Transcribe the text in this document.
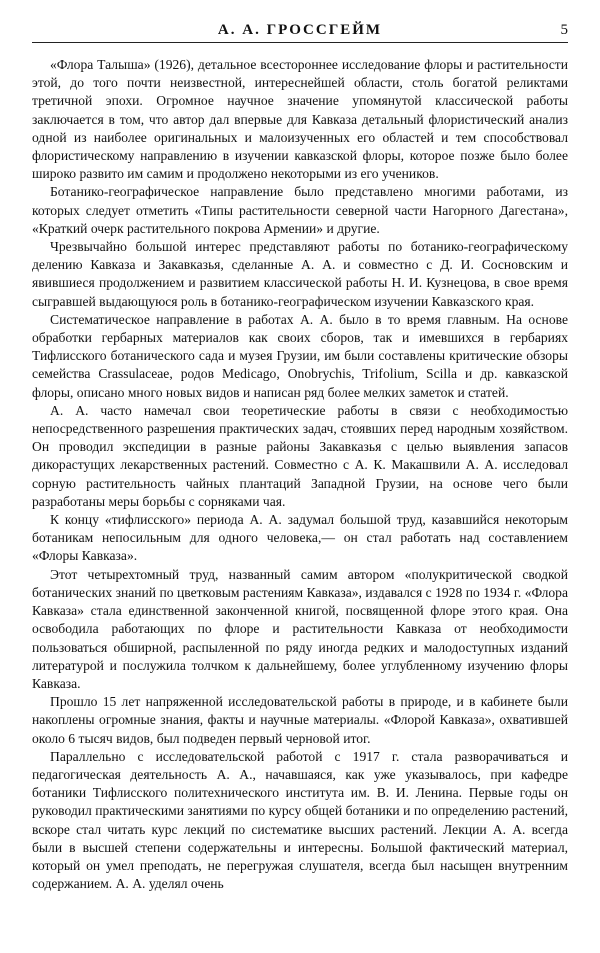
А. А. ГРОССГЕЙМ	5

«Флора Талыша» (1926), детальное всестороннее исследование флоры и растительности этой, до того почти неизвестной, интереснейшей области, столь богатой реликтами третичной эпохи. Огромное научное значение упомянутой классической работы заключается в том, что автор дал впервые для Кавказа детальный флористический анализ одной из наиболее оригинальных и малоизученных его областей и тем способствовал флористическому направлению в изучении кавказской флоры, которое позже было более широко развито им самим и продолжено некоторыми из его учеников.

Ботанико-географическое направление было представлено многими работами, из которых следует отметить «Типы растительности северной части Нагорного Дагестана», «Краткий очерк растительного покрова Армении» и другие.

Чрезвычайно большой интерес представляют работы по ботанико-географическому делению Кавказа и Закавказья, сделанные А. А. и совместно с Д. И. Сосновским и явившиеся продолжением и развитием классической работы Н. И. Кузнецова, в свое время сыгравшей выдающуюся роль в ботанико-географическом изучении Кавказского края.

Систематическое направление в работах А. А. было в то время главным. На основе обработки гербарных материалов как своих сборов, так и имевшихся в гербариях Тифлисского ботанического сада и музея Грузии, им были составлены критические обзоры семейства Crassulaceae, родов Medicago, Onobrychis, Trifolium, Scilla и др. кавказской флоры, описано много новых видов и написан ряд более мелких заметок и статей.

А. А. часто намечал свои теоретические работы в связи с необходимостью непосредственного разрешения практических задач, стоявших перед народным хозяйством. Он проводил экспедиции в разные районы Закавказья с целью выявления запасов дикорастущих лекарственных растений. Совместно с А. К. Макашвили А. А. исследовал сорную растительность чайных плантаций Западной Грузии, на основе чего были разработаны меры борьбы с сорняками чая.

К концу «тифлисского» периода А. А. задумал большой труд, казавшийся некоторым ботаникам непосильным для одного человека,— он стал работать над составлением «Флоры Кавказа».

Этот четырехтомный труд, названный самим автором «полукритической сводкой ботанических знаний по цветковым растениям Кавказа», издавался с 1928 по 1934 г. «Флора Кавказа» стала единственной законченной книгой, посвященной флоре этого края. Она освободила работающих по флоре и растительности Кавказа от необходимости пользоваться обширной, распыленной по ряду иногда редких и малодоступных изданий литературой и послужила толчком к дальнейшему, более углубленному изучению флоры Кавказа.

Прошло 15 лет напряженной исследовательской работы в природе, и в кабинете были накоплены огромные знания, факты и научные материалы. «Флорой Кавказа», охватившей около 6 тысяч видов, был подведен первый черновой итог.

Параллельно с исследовательской работой с 1917 г. стала разворачиваться и педагогическая деятельность А. А., начавшаяся, как уже указывалось, при кафедре ботаники Тифлисского политехнического института им. В. И. Ленина. Первые годы он руководил практическими занятиями по курсу общей ботаники и по определению растений, вскоре стал читать курс лекций по систематике высших растений. Лекции А. А. всегда были в высшей степени содержательны и интересны. Большой фактический материал, который он умел преподать, не перегружая слушателя, всегда был насыщен внутренним содержанием. А. А. уделял очень
